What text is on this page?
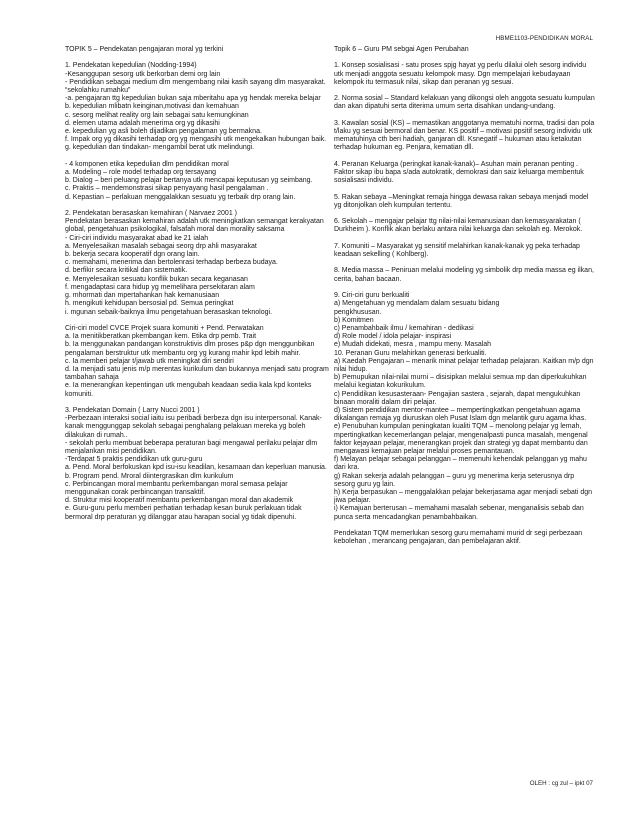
HBME1103-PENDIDIKAN MORAL
TOPIK 5 – Pendekatan pengajaran moral yg terkini

1. Pendekatan kepedulian (Nodding-1994)
-Kesanggupan sesorg utk berkorban demi org lain
- Pendidikan sebagai medium dlm mengembang nilai kasih sayang dlm masyarakat. “sekolahku rumahku”
-a. pengajaran ttg kepedulian bukan saja mberitahu apa yg hendak mereka belajar
b. kepedulian mlibatn keinginan,motivasi dan kemahuan
c. sesorg melihat reality org lain sebagai satu kemungkinan
d. elemen utama adalah menerima org yg dikasihi
e. kepedulian yg asli boleh dijadikan pengalaman yg bermakna.
f. Impak org yg dikasihi terhadap org yg mengasihi utk mengekalkan hubungan baik.
g. kepedulian dan tindakan- mengambil berat utk melindungi.

- 4 komponen etika kepedulian dlm pendidikan moral
a. Modeling – role model terhadap org tersayang
b. Dialog – beri peluang pelajar bertanya utk mencapai keputusan yg seimbang.
c. Praktis – mendemonstrasi sikap penyayang hasil pengalaman .
d. Kepastian – perlakuan menggalakkan sesuatu yg terbaik drp orang lain.

2. Pendekatan berasaskan kemahiran ( Narvaez 2001 )
Pendekatan berasaskan kemahiran adalah utk meningkatkan semangat kerakyatan global, pengetahuan psikologikal, falsafah moral dan morality saksama
- Ciri-ciri individu masyarakat abad ke 21 ialah
a. Menyelesaikan masalah sebagai seorg drp ahli masyarakat
b. bekerja secara kooperatif dgn orang lain.
c. memahami, menerima dan bertolenrasi terhadap berbeza budaya.
d. berfikir secara kritikal dan sistematik.
e. Menyelesaikan sesuatu konflik bukan secara keganasan
f. mengadaptasi cara hidup yg memelihara persekitaran alam
g. mhormati dan mpertahankan hak kemanusiaan
h. mengikuti kehidupan bersosial pd. Semua peringkat
i. mgunan sebaik-baiknya ilmu pengetahuan berasaskan teknologi.

Ciri-ciri model CVCE Projek suara komuniti + Pend. Perwatakan
a. Ia menitikberatkan pkembangan kem. Etika drp pemb. Trait
b. Ia menggunakan pandangan konstruktivis dlm proses p&p dgn menggunbikan pengalaman berstruktur utk membantu org yg kurang mahir kpd lebih mahir.
c. Ia memberi pelajar t/jawab utk meningkat diri sendiri
d. Ia menjadi satu jenis m/p merentas kurikulum dan bukannya menjadi satu program tambahan sahaja
e. Ia menerangkan kepentingan utk mengubah keadaan sedia kala kpd konteks komuniti.

3. Pendekatan Domain ( Larry Nucci 2001 )
-Perbezaan interaksi social iaitu isu peribadi berbeza dgn isu interpersonal. Kanak-kanak menggunggap sekolah sebagai penghalang pelakuan mereka yg boleh dilakukan di rumah..
- sekolah perlu membuat beberapa peraturan bagi mengawal perilaku pelajar dlm menjalankan misi pendidikan.
-Terdapat 5 praktis pendidikan utk guru-guru
a. Pend. Moral berfokuskan kpd isu-isu keadilan, kesamaan dan keperluan manusia.
b. Program pend. Mroral diintergrasikan dlm kurikulum
c. Perbincangan moral membantu perkembangan moral semasa pelajar menggunakan corak perbincangan transaktif.
d. Struktur misi kooperatif membantu perkembangan moral dan akademik
e. Guru-guru perlu memberi perhatian terhadap kesan buruk perlakuan tidak bermoral drp peraturan yg dilanggar atau harapan social yg tidak dipenuhi.
Topik 6 – Guru PM sebgai Agen Perubahan

1. Konsep sosialisasi - satu proses spjg hayat yg perlu dilalui oleh sesorg individu utk menjadi anggota sesuatu kelompok masy. Dgn mempelajari kebudayaan kelompok itu termasuk nilai, sikap dan peranan yg sesuai.

2. Norma sosial – Standard kelakuan yang dikongsi oleh anggota sesuatu kumpulan dan akan dipatuhi serta diterima umum serta disahkan undang-undang.

3. Kawalan sosial (KS) – memastikan anggotanya mematuhi norma, tradisi dan pola t/laku yg sesuai bermoral dan benar. KS positif – motivasi ppsitif sesorg individu utk mematuhinya cth beri hadiah, ganjaran dll. Ksnegatif – hukuman atau ketakutan terhadap hukuman eg. Penjara, kematian dll.

4. Peranan Keluarga (peringkat kanak-kanak)– Asuhan main peranan penting . Faktor sikap ibu bapa s/ada autokratik, demokrasi dan saiz keluarga membentuk sosialisasi individu.

5. Rakan sebaya –Meningkat remaja hingga dewasa rakan sebaya menjadi model yg ditonjolkan oleh kumpulan tertentu.

6. Sekolah – mengajar pelajar ttg nilai-nilai kemanusiaan dan kemasyarakatan ( Durkheim ). Konflik akan berlaku antara nilai keluarga dan sekolah eg. Merokok.

7. Komuniti – Masyarakat yg sensitif melahirkan kanak-kanak yg peka terhadap keadaan sekelling ( Kohlberg).

8. Media massa – Peniruan melalui modeling yg simbolik drp media massa eg ilkan, cerita, bahan bacaan.

9. Ciri-ciri guru berkualiti
a) Mengetahuan yg mendalam dalam sesuatu bidang
pengkhususan.
b) Komitmen
c) Penambahbaik ilmu / kemahiran - dedikasi
d) Role model / idola pelajar- inspirasi
e) Mudah didekati, mesra , mampu meny. Masalah
10. Peranan Guru melahirkan generasi berkualiti.
a) Kaedah Pengajaran – menarik minat pelajar terhadap pelajaran. Kaitkan m/p dgn nilai hidup.
b) Pemupukan nilai-nilai murni – disisipkan melalui semua mp dan diperkukuhkan melalui kegiatan kokurikulum.
c) Pendidikan kesusasteraan- Pengajian sastera , sejarah, dapat mengukuhkan binaan moraliti dalam diri pelajar.
d) Sistem pendidikan mentor-mantee – mempertingkatkan pengetahuan agama dikalangan remaja yg diuruskan oleh Pusat Islam dgn melantik guru agama khas.
e) Penubuhan kumpulan peningkatan kualiti TQM – menolong pelajar yg lemah, mpertingkatkan kecemerlangan pelajar, mengenalpasti punca masalah, mengenal faktor kejayaan pelajar, menerangkan projek dan strategi yg dapat membantu dan mengawasi kemajuan pelajar melalui proses pemantauan.
f) Melayan pelajar sebagai pelanggan – memenuhi kehendak pelanggan yg mahu dari kra.
g) Rakan sekerja adalah pelanggan – guru yg menerima kerja seterusnya drp sesorg guru yg lain.
h) Kerja berpasukan – menggalakkan pelajar bekerjasama agar menjadi sebati dgn jiwa pelajar.
i) Kemajuan berterusan – memahami masalah sebenar, menganalisis sebab dan punca serta mencadangkan penambahbaikan.

Pendekatan TQM memerlukan sesorg guru memahami murid dr segi perbezaan kebolehan , merancang pengajaran, dan pembelajaran aktif.
OLEH : cg zul – ipkt 07
